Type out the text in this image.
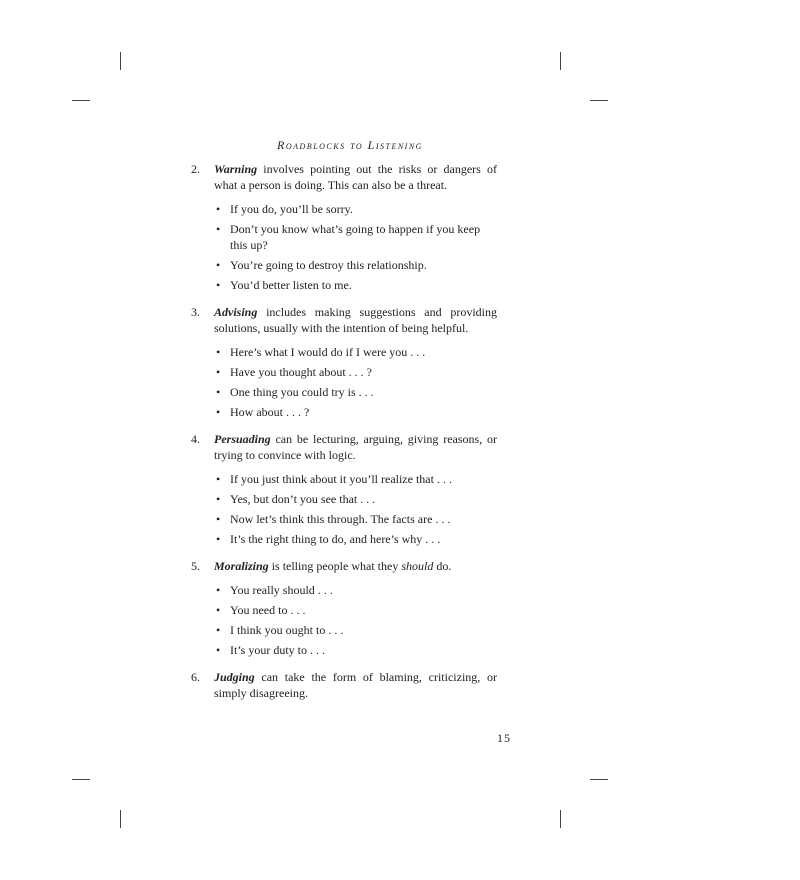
Roadblocks to Listening
2. Warning involves pointing out the risks or dangers of what a person is doing. This can also be a threat.
• If you do, you’ll be sorry.
• Don’t you know what’s going to happen if you keep this up?
• You’re going to destroy this relationship.
• You’d better listen to me.
3. Advising includes making suggestions and providing solutions, usually with the intention of being helpful.
• Here’s what I would do if I were you . . .
• Have you thought about . . . ?
• One thing you could try is . . .
• How about . . . ?
4. Persuading can be lecturing, arguing, giving reasons, or trying to convince with logic.
• If you just think about it you’ll realize that . . .
• Yes, but don’t you see that . . .
• Now let’s think this through. The facts are . . .
• It’s the right thing to do, and here’s why . . .
5. Moralizing is telling people what they should do.
• You really should . . .
• You need to . . .
• I think you ought to . . .
• It’s your duty to . . .
6. Judging can take the form of blaming, criticizing, or simply disagreeing.
15
